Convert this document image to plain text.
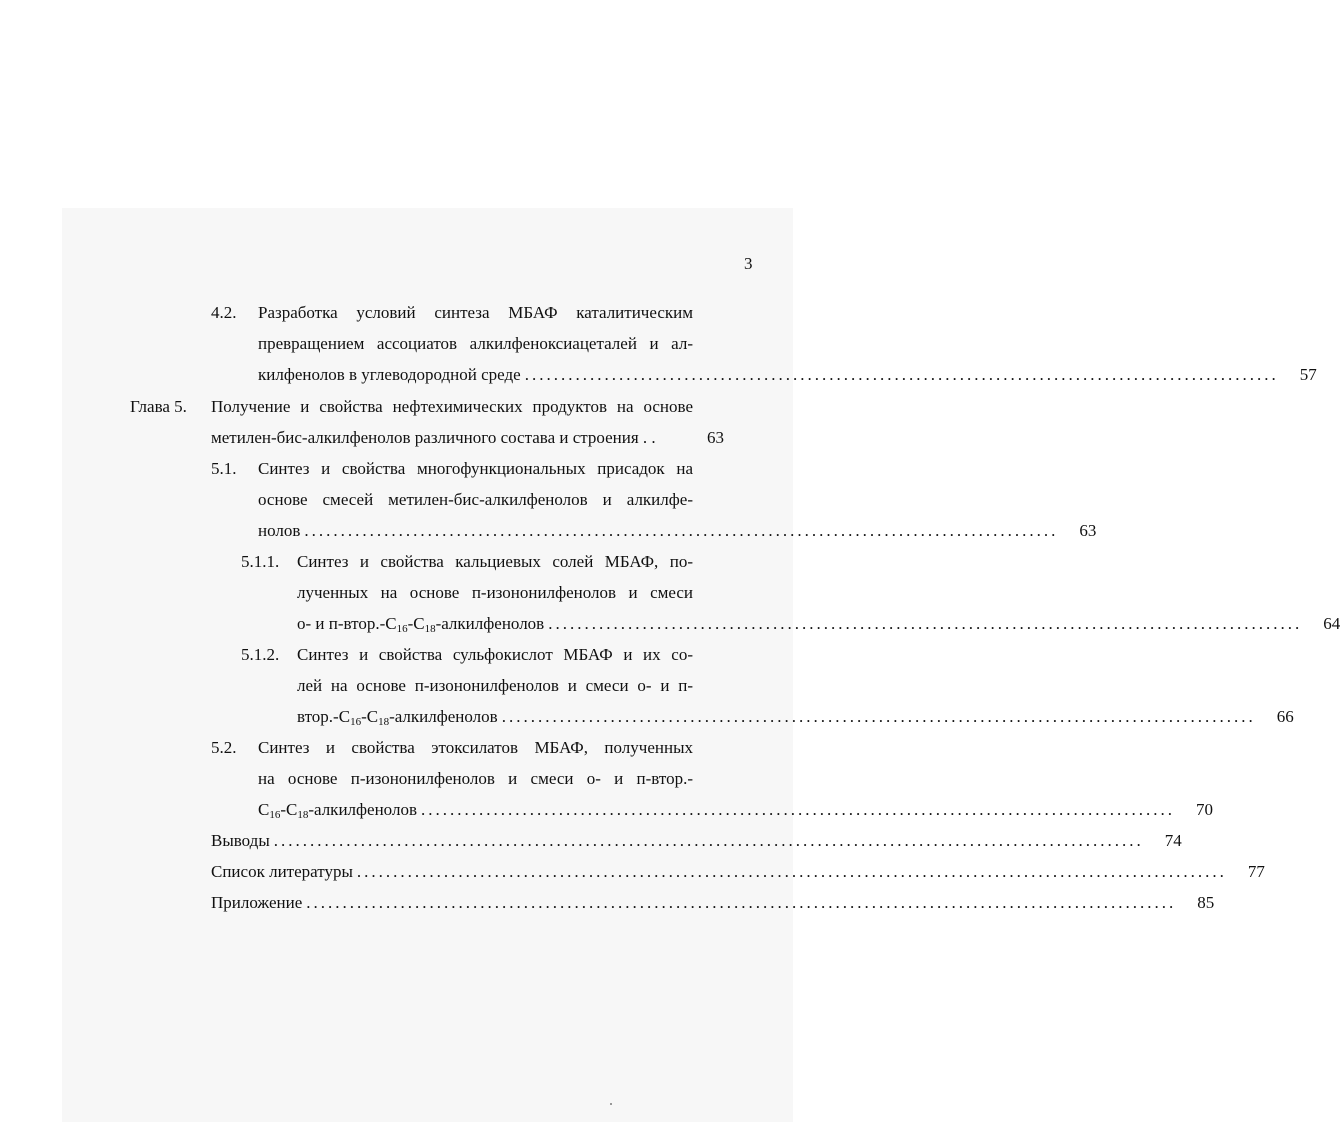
3
4.2. Разработка условий синтеза МБАФ каталитическим
превращением ассоциатов алкилфеноксиацеталей и ал-
килфенолов в углеводородной среде ........................................................................................................	57
Глава 5. Получение и свойства нефтехимических продуктов на основе
метилен-бис-алкилфенолов различного состава и строения . .	63
5.1. Синтез и свойства многофункциональных присадок на
основе смесей метилен-бис-алкилфенолов и алкилфе-
нолов ........................................................................................................	63
5.1.1. Синтез и свойства кальциевых солей МБАФ, по-
лученных на основе п-изононилфенолов и смеси
о- и $п-втор.-С_{16}-С_{18}$-алкилфенолов ........................................................................................................	64
5.1.2. Синтез и свойства сульфокислот МБАФ и их со-
лей на основе п-изононилфенолов и смеси о- и п-
$втор.-С_{16}-С_{18}$-алкилфенолов ........................................................................................................	66
5.2. Синтез и свойства этоксилатов МБАФ, полученных
на основе п-изононилфенолов и смеси о- и п-втор.-
$С_{16}-С_{18}$-алкилфенолов ........................................................................................................	70
Выводы ........................................................................................................................	74
Список литературы ........................................................................................................................	77
Приложение ........................................................................................................................	85
